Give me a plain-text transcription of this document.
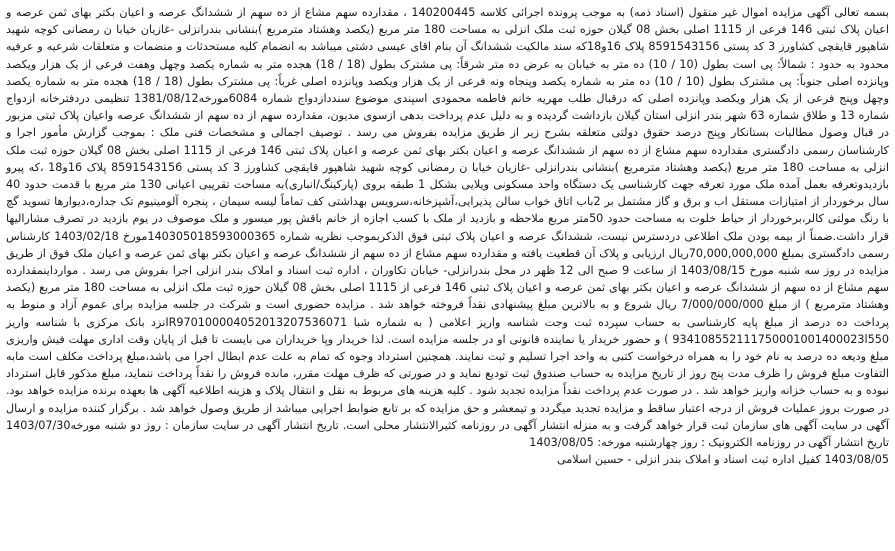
بسمه تعالی آگهی مزایده اموال غیر منقول (اسناد ذمه) به موجب پرونده اجرائی کلاسه 140200445 ، مقدارده سهم مشاع از ده سهم از ششدانگ عرصه و اعیان بکتر بهای ثمن عرصه و اعیان پلاک ثبتی 146 فرعی از 1115 اصلی بخش 08 گیلان حوزه ثبت ملک انزلی به مساحت 180 متر مربع (یکصد وهشتاد مترمربع )بنشانی بندرانزلی -غازیان خیابا ن رمضانی کوچه شهید شاهپور قایقچی کشاورز 3 کد پستی 8591543156 پلاک 16و18که سند مالکیت ششدانگ آن بنام اقای عیسی دشتی میباشد به انضمام کلیه مستحدثات و منضمات و متعلقات شرعیه و عرفیه محدود به حدود : شمالاً: پی است بطول (10 / 10) ده متر به خیابان به عرض ده متر شرقاً: پی مشترک بطول (18 / 18) هجده متر به شماره یکصد وچهل وهفت فرعی از یک هزار ویکصد وپانزده اصلی جنوباً: پی مشترک بطول (10 / 10) ده متر به شماره یکصد وپنجاه ونه فرعی از یک هزار ویکصد وپانزده اصلی غرباً: پی مشترک بطول (18 / 18) هجده متر به شماره یکصد وچهل وپنج فرعی از یک هزار ویکصد وپانزده اصلی که درقبال طلب مهریه خانم فاطمه محمودی اسپندی موضوع سنددازدواج شماره 6084مورخه1381/08/12 تنظیمی دردفترخانه ازدواج شماره 13 و طلاق شماره 63 شهر بندر انزلی استان گیلان بازداشت گردیده و به دلیل عدم پرداخت بدهی ازسوی مدیون، مقدارده سهم از ده سهم از ششدانگ عرصه واعیان پلاک ثبتی مزبور در قبال وصول مطالبات بستانکار وپنج درصد حقوق دولتی متعلقه بشرح زیر از طریق مزایده بفروش می رسد . توصیف اجمالی و مشخصات فنی ملک : بموجب گزارش مأمور اجرا و کارشناسان رسمی دادگستری مقدارده سهم مشاع از ده سهم از ششدانگ عرصه و اعیان بکتر بهای ثمن عرصه و اعیان پلاک ثبتی 146 فرعی از 1115 اصلی بخش 08 گیلان حوزه ثبت ملک انزلی به مساحت 180 متر مربع (یکصد وهشتاد مترمربع )بنشانی بندرانزلی -غازیان خیابا ن رمضانی کوچه شهید شاهپور قایقچی کشاورز 3 کد پستی 8591543156 پلاک 16و18 ،که پیرو بازدیدوتعرفه بعمل آمده ملک مورد تعرفه جهت کارشناسی یک دستگاه واحد مسکونی ویلایی بشکل 1 طبقه بروی (پارکینگ/انباری)به مساحت تقریبی اعیانی 130 متر مربع با قدمت حدود 40 سال برخوردار از امتیازات مستقل اب و برق و گاز مشتمل بر 2باب اتاق خواب سالن پذیرایی،آشپزخانه،سرویس بهداشتی کف تماماً لیسه سیمان ، پنجره آلومینیوم تک جداره،دیوارها تسوید گچ با رنگ مولتی کالر،برخوردار از حیاط خلوت به مساحت حدود 50متر مربع ملاحظه و بازدید از ملک با کسب اجازه از خانم باقش پور میسور و ملک موصوف در یوم بازدید در تصرف مشارالیها قرار داشت.ضمناً از بیمه بودن ملک اطلاعی دردسترس نیست، ششدانگ عرصه و اعیان پلاک ثبتی فوق الذکربموجب نظریه شماره 140305018593000365مورخ 1403/02/18 کارشناس رسمی دادگستری بمبلغ 70,000,000,000ریال ارزیابی و پلاک آن قطعیت یافته و مقدارده سهم مشاع از ده سهم از ششدانگ عرصه و اعیان بکتر بهای ثمن عرصه و اعیان ملک فوق از طریق مزایده در روز سه شنبه مورخ 1403/08/15 از ساعت 9 صبح الی 12 ظهر در محل بندرانزلی- خیابان تکاوران ، اداره ثبت اسناد و املاک بندر انزلی اجرا بفروش می رسد . موارداینمقدارده سهم مشاع از ده سهم از ششدانگ عرصه و اعیان بکتر بهای ثمن عرصه و اعیان پلاک ثبتی 146 فرعی از 1115 اصلی بخش 08 گیلان حوزه ثبت ملک انزلی به مساحت 180 متر مربع (یکصد وهشتاد مترمربع ) از مبلغ 7/000/000/000 ریال شروع و به بالاترین مبلغ پیشنهادی نقداً فروخته خواهد شد . مزایده حضوری است و شرکت در جلسه مزایده برای عموم آزاد و منوط به پرداخت ده درصد از مبلغ پایه کارشناسی به حساب سپرده ثبت وجت شناسه واریز اعلامی ( به شماره شبا IR970100004052013207536071نزد بانک مرکزی با شناسه واریز 934108552111750001001400023l550 ) و حضور خریدار یا نماینده قانونی او در جلسه مزایده است. لذا خریدار وپا خریداران می بایست تا قبل از پایان وقت اداری مهلت فیش واریزی مبلغ ودیعه ده درصد به نام خود را به همراه درخواست کتبی به واحد اجرا تسلیم و ثبت نمایند. همچنین استرداد وجوه که تمام به علت عدم ابطال اجرا می باشد،مبلغ پرداخت مکلف است مابه التفاوت مبلغ فروش را ظرف مدت پنج روز از تاریخ مزایده به حساب صندوق ثبت تودیع نماید و در صورتی که ظرف مهلت مقرر، مانده فروش را نقداً پرداخت ننماید، مبلغ مذکور قابل استرداد نبوده و به حساب خزانه واریز خواهد شد . در صورت عدم پرداخت نقداً مزایده تجدید شود . کلیه هزینه های مربوط به نقل و انتقال پلاک و هزینه اطلاعیه آگهی ها بعهده برنده مزایده خواهد بود. در صورت بروز عملیات فروش از درجه اعتبار ساقط و مزایده تجدید میگردد و تیمعشر و حق مزایده که بر تابع ضوابط اجرایی میباشد از طریق وصول خواهد شد . برگزار کننده مزایده و ارسال آگهی در سایت آگهی های سازمان ثبت قرار خواهد گرفت و به منزله انتشار آگهی در روزنامه کثیرالانتشار محلی است. تاریخ انتشار آگهی در سایت سازمان : روز دو شنبه مورخه1403/07/30 تاریخ انتشار آگهی در روزنامه الکترونیک : روز چهارشنبه مورخه: 1403/08/05

1403/08/05 کفیل اداره ثبت اسناد و املاک بندر انزلی - حسین اسلامی
